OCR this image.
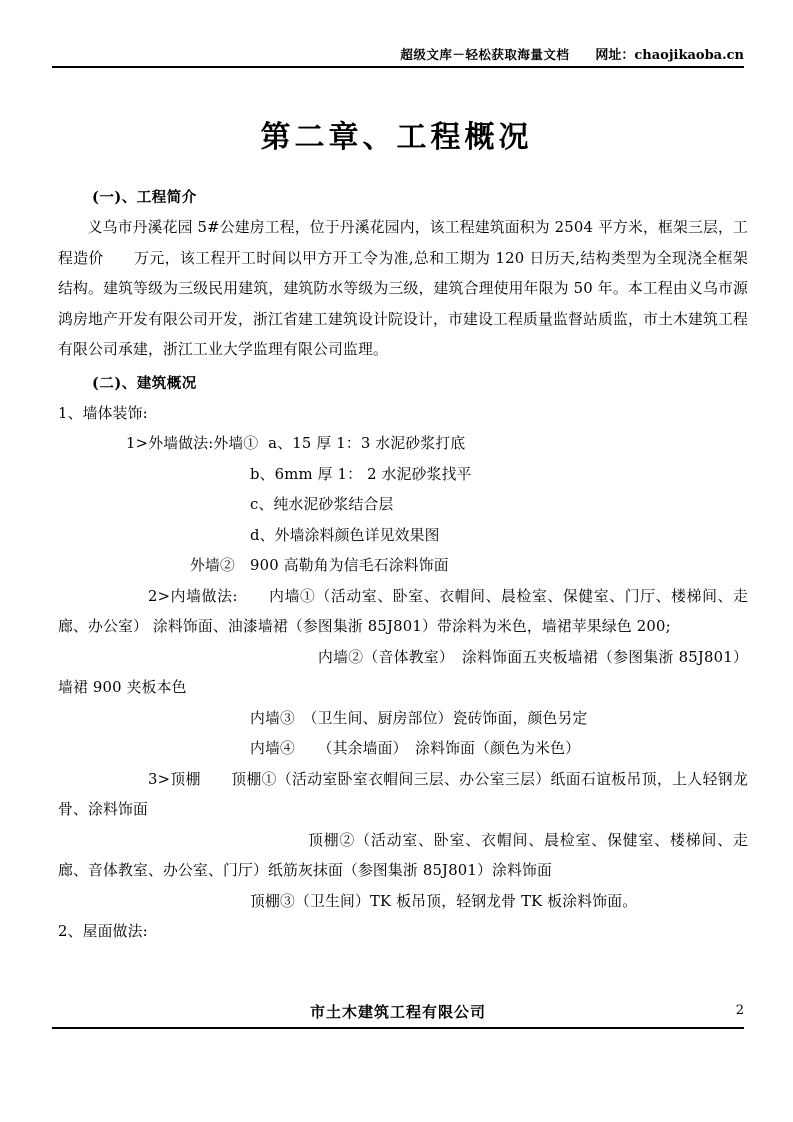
超级文库－轻松获取海量文档 网址：chaojikaoba.cn
第二章、工程概况
(一)、工程简介

义乌市丹溪花园 5#公建房工程，位于丹溪花园内，该工程建筑面积为 2504 平方米，框架三层，工程造价　　万元，该工程开工时间以甲方开工令为准,总和工期为 120 日历天,结构类型为全现浇全框架结构。建筑等级为三级民用建筑，建筑防水等级为三级，建筑合理使用年限为 50 年。本工程由义乌市源鸿房地产开发有限公司开发，浙江省建工建筑设计院设计，市建设工程质量监督站质监，市土木建筑工程有限公司承建，浙江工业大学监理有限公司监理。

(二)、建筑概况
1、墙体装饰:
1>外墙做法:外墙①  a、15 厚 1：3 水泥砂浆打底
b、6mm 厚 1： 2 水泥砂浆找平
c、纯水泥砂浆结合层
d、外墙涂料颜色详见效果图
外墙②　900 高勒角为信毛石涂料饰面
2>内墙做法:　　内墙①（活动室、卧室、衣帽间、晨检室、保健室、门厅、楼梯间、走廊、办公室） 涂料饰面、油漆墙裙（参图集浙 85J801）带涂料为米色，墙裙苹果绿色 200;
内墙②（音体教室）　涂料饰面五夹板墙裙（参图集浙 85J801）墙裙 900 夹板本色
内墙③　（卫生间、厨房部位）瓷砖饰面，颜色另定
内墙④　　（其余墙面）　涂料饰面（颜色为米色）
3>顶棚　　顶棚①（活动室卧室衣帽间三层、办公室三层）纸面石谊板吊顶，上人轻钢龙骨、涂料饰面
顶棚②（活动室、卧室、衣帽间、晨检室、保健室、楼梯间、走廊、音体教室、办公室、门厅）纸筋灰抹面（参图集浙 85J801）涂料饰面
顶棚③（卫生间）TK 板吊顶，轻钢龙骨 TK 板涂料饰面。
2、屋面做法:
市土木建筑工程有限公司	2
